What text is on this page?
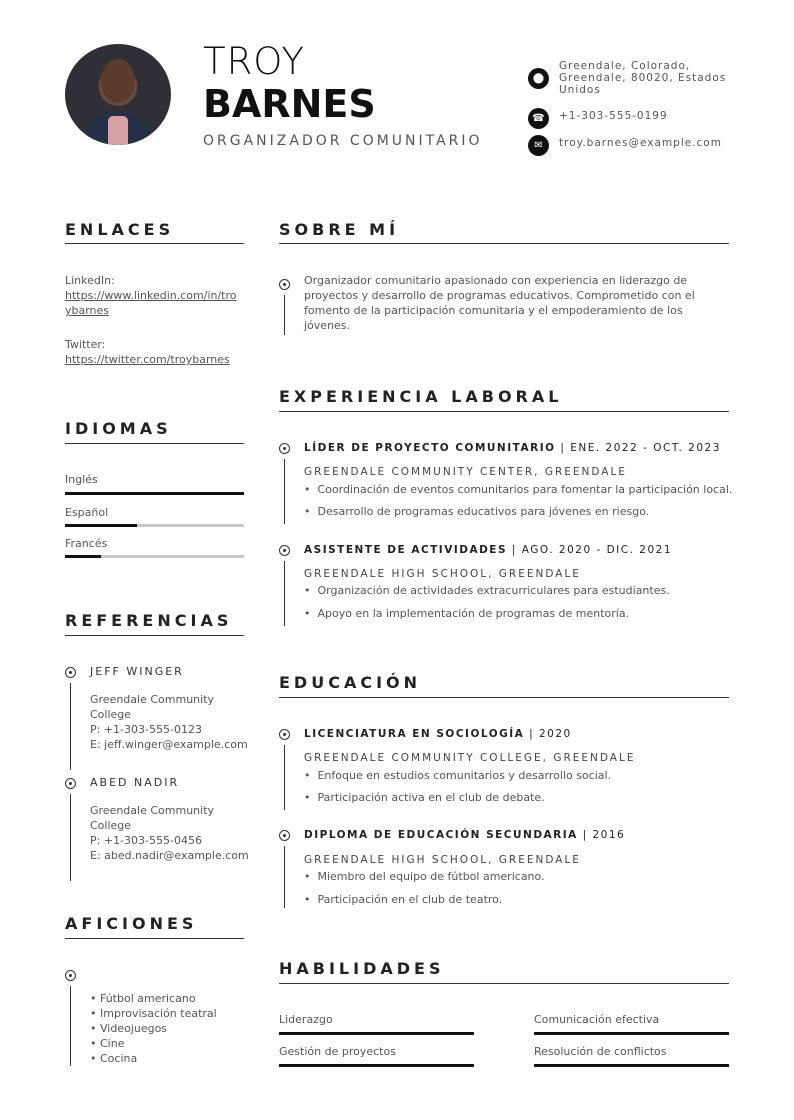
TROY
BARNES
ORGANIZADOR COMUNITARIO
⬤
Greendale, Colorado,
Greendale, 80020, Estados
Unidos
☎	+1-303-555-0199
✉	troy.barnes@example.com
ENLACES
LinkedIn:
https://www.linkedin.com/in/tro
ybarnes
Twitter:
https://twitter.com/troybarnes
IDIOMAS
Inglés
Español
Francés
REFERENCIAS
JEFF WINGER
Greendale Community
College
P: +1-303-555-0123
E: jeff.winger@example.com
ABED NADIR
Greendale Community
College
P: +1-303-555-0456
E: abed.nadir@example.com
AFICIONES
• Fútbol americano
• Improvisación teatral
• Videojuegos
• Cine
• Cocina
SOBRE MÍ
Organizador comunitario apasionado con experiencia en liderazgo de
proyectos y desarrollo de programas educativos. Comprometido con el
fomento de la participación comunitaria y el empoderamiento de los
jóvenes.
EXPERIENCIA LABORAL
LÍDER DE PROYECTO COMUNITARIO | ENE. 2022 - OCT. 2023
GREENDALE COMMUNITY CENTER, GREENDALE
•  Coordinación de eventos comunitarios para fomentar la participación local.
•  Desarrollo de programas educativos para jóvenes en riesgo.
ASISTENTE DE ACTIVIDADES | AGO. 2020 - DIC. 2021
GREENDALE HIGH SCHOOL, GREENDALE
•  Organización de actividades extracurriculares para estudiantes.
•  Apoyo en la implementación de programas de mentoría.
EDUCACIÓN
LICENCIATURA EN SOCIOLOGÍA | 2020
GREENDALE COMMUNITY COLLEGE, GREENDALE
•  Enfoque en estudios comunitarios y desarrollo social.
•  Participación activa en el club de debate.
DIPLOMA DE EDUCACIÓN SECUNDARIA | 2016
GREENDALE HIGH SCHOOL, GREENDALE
•  Miembro del equipo de fútbol americano.
•  Participación en el club de teatro.
HABILIDADES
Liderazgo	Comunicación efectiva
Gestión de proyectos	Resolución de conflictos
